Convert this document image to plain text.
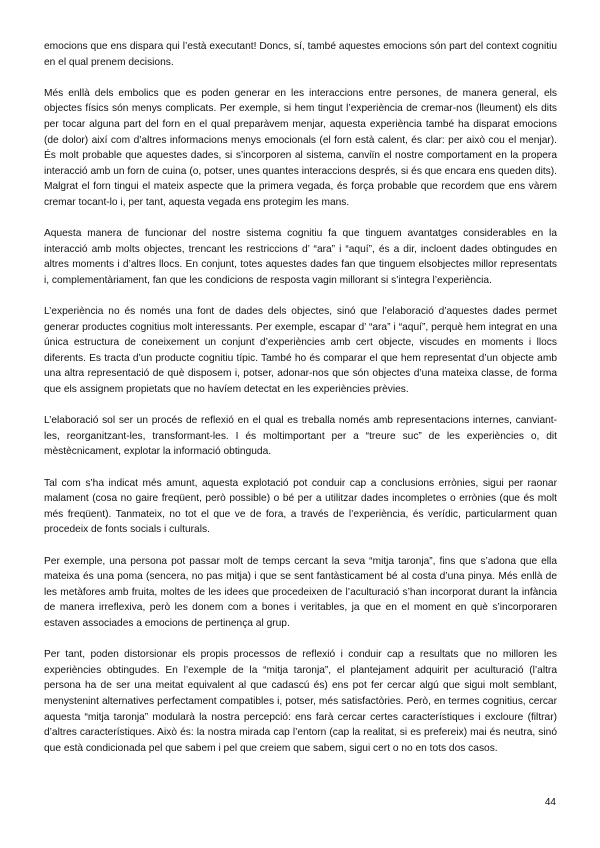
emocions que ens dispara qui l’està executant! Doncs, sí, també aquestes emocions són part del context cognitiu en el qual prenem decisions.

Més enllà dels embolics que es poden generar en les interaccions entre persones, de manera general, els objectes físics són menys complicats. Per exemple, si hem tingut l’experiència de cremar-nos (lleument) els dits per tocar alguna part del forn en el qual preparàvem menjar, aquesta experiència també ha disparat emocions (de dolor) així com d’altres informacions menys emocionals (el forn està calent, és clar: per això cou el menjar). És molt probable que aquestes dades, si s’incorporen al sistema, canviïn el nostre comportament en la propera interacció amb un forn de cuina (o, potser, unes quantes interaccions després, si és que encara ens queden dits). Malgrat el forn tingui el mateix aspecte que la primera vegada, és força probable que recordem que ens vàrem cremar tocant-lo i, per tant, aquesta vegada ens protegim les mans.

Aquesta manera de funcionar del nostre sistema cognitiu fa que tinguem avantatges considerables en la interacció amb molts objectes, trencant les restriccions d’ “ara” i “aquí”, és a dir, incloent dades obtingudes en altres moments i d’altres llocs. En conjunt, totes aquestes dades fan que tinguem elsobjectes millor representats i, complementàriament, fan que les condicions de resposta vagin millorant si s’integra l’experiència.

L’experiència no és només una font de dades dels objectes, sinó que l’elaboració d’aquestes dades permet generar productes cognitius molt interessants. Per exemple, escapar d’ “ara” i “aquí”, perquè hem integrat en una única estructura de coneixement un conjunt d’experiències amb cert objecte, viscudes en moments i llocs diferents. Es tracta d’un producte cognitiu típic. També ho és comparar el que hem representat d’un objecte amb una altra representació de què disposem i, potser, adonar-nos que són objectes d’una mateixa classe, de forma que els assignem propietats que no havíem detectat en les experiències prèvies.

L’elaboració sol ser un procés de reflexió en el qual es treballa només amb representacions internes, canviant-les, reorganitzant-les, transformant-les. I és moltimportant per a “treure suc” de les experiències o, dit mèstècnicament, explotar la informació obtinguda.

Tal com s’ha indicat més amunt, aquesta explotació pot conduir cap a conclusions errònies, sigui per raonar malament (cosa no gaire freqüent, però possible) o bé per a utilitzar dades incompletes o errònies (que és molt més freqüent). Tanmateix, no tot el que ve de fora, a través de l’experiència, és verídic, particularment quan procedeix de fonts socials i culturals.

Per exemple, una persona pot passar molt de temps cercant la seva “mitja taronja”, fins que s’adona que ella mateixa és una poma (sencera, no pas mitja) i que se sent fantàsticament bé al costa d’una pinya. Més enllà de les metàfores amb fruita, moltes de les idees que procedeixen de l’aculturació s’han incorporat durant la infància de manera irreflexiva, però les donem com a bones i veritables, ja que en el moment en què s’incorporaren estaven associades a emocions de pertinença al grup.

Per tant, poden distorsionar els propis processos de reflexió i conduir cap a resultats que no milloren les experiències obtingudes. En l’exemple de la “mitja taronja”, el plantejament adquirit per aculturació (l’altra persona ha de ser una meitat equivalent al que cadascú és) ens pot fer cercar algú que sigui molt semblant, menystenint alternatives perfectament compatibles i, potser, més satisfactòries. Però, en termes cognitius, cercar aquesta “mitja taronja” modularà la nostra percepció: ens farà cercar certes característiques i excloure (filtrar) d’altres característiques. Això és: la nostra mirada cap l’entorn (cap la realitat, si es prefereix) mai és neutra, sinó que està condicionada pel que sabem i pel que creiem que sabem, sigui cert o no en tots dos casos.

44
